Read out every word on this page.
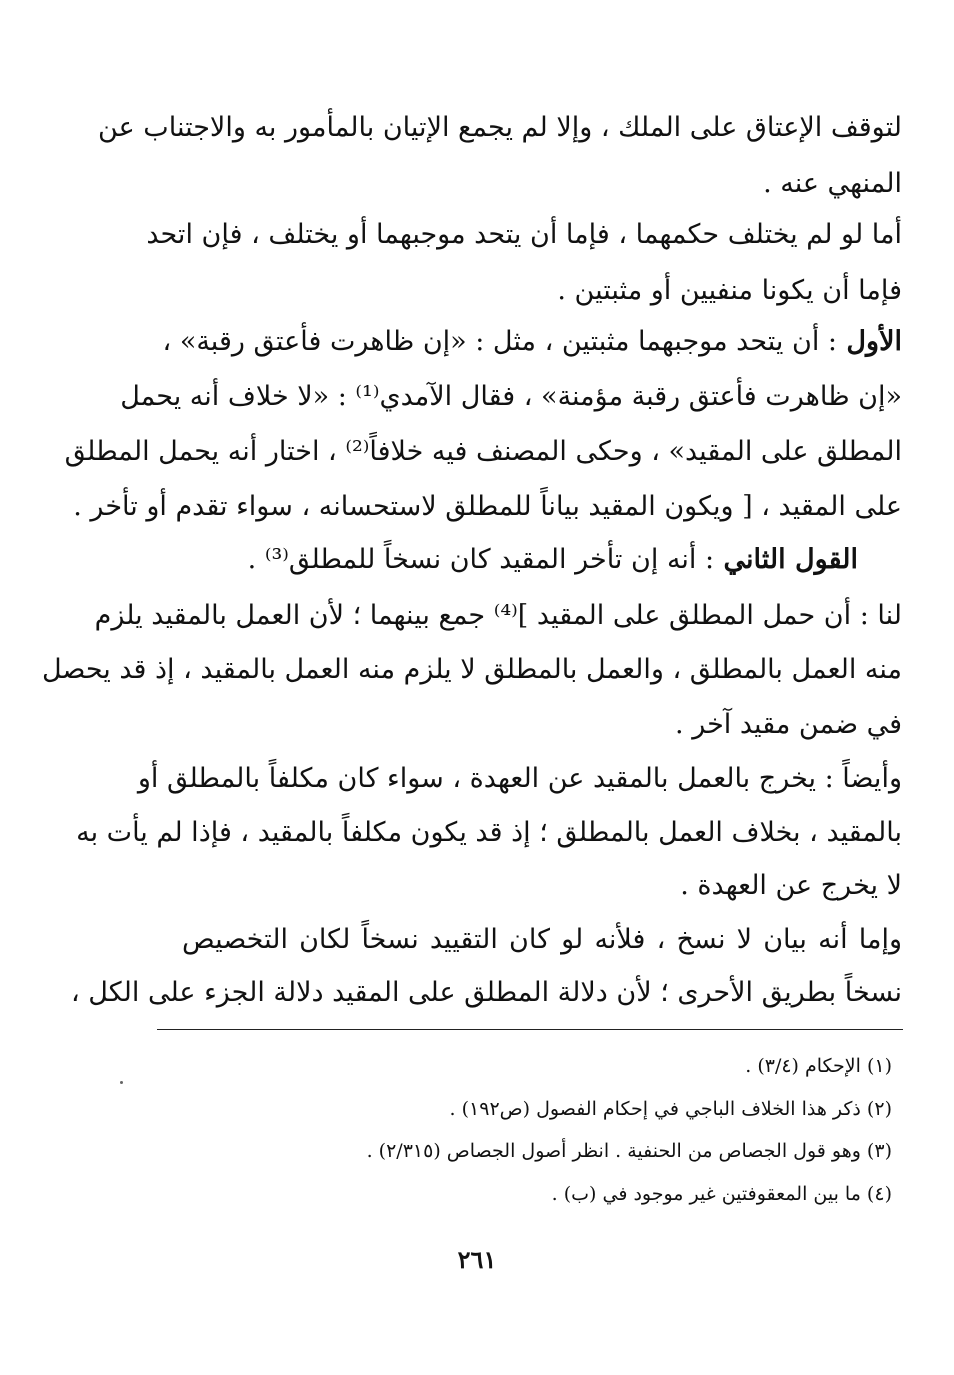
لتوقف الإعتاق على الملك ، وإلا لم يجمع الإتيان بالمأمور به والاجتناب عن
المنهي عنه .
أما لو لم يختلف حكمهما ، فإما أن يتحد موجبهما أو يختلف ، فإن اتحد
فإما أن يكونا منفيين أو مثبتين .
الأول : أن يتحد موجبهما مثبتين ، مثل : «إن ظاهرت فأعتق رقبة» ،
«إن ظاهرت فأعتق رقبة مؤمنة» ، فقال الآمدي⁽¹⁾ : «لا خلاف أنه يحمل
المطلق على المقيد» ، وحكى المصنف فيه خلافاً⁽²⁾ ، اختار أنه يحمل المطلق
على المقيد ، [ ويكون المقيد بياناً للمطلق لاستحسانه ، سواء تقدم أو تأخر .
القول الثاني : أنه إن تأخر المقيد كان نسخاً للمطلق⁽³⁾ .
لنا : أن حمل المطلق على المقيد ]⁽⁴⁾ جمع بينهما ؛ لأن العمل بالمقيد يلزم
منه العمل بالمطلق ، والعمل بالمطلق لا يلزم منه العمل بالمقيد ، إذ قد يحصل
في ضمن مقيد آخر .
وأيضاً : يخرج بالعمل بالمقيد عن العهدة ، سواء كان مكلفاً بالمطلق أو
بالمقيد ، بخلاف العمل بالمطلق ؛ إذ قد يكون مكلفاً بالمقيد ، فإذا لم يأت به
لا يخرج عن العهدة .
وإما أنه بيان لا نسخ ، فلأنه لو كان التقييد نسخاً لكان التخصيص
نسخاً بطريق الأحرى ؛ لأن دلالة المطلق على المقيد دلالة الجزء على الكل ،
(١) الإحكام (٣/٤) .
(٢) ذكر هذا الخلاف الباجي في إحكام الفصول (ص١٩٢) .
(٣) وهو قول الجصاص من الحنفية . انظر أصول الجصاص (٢/٣١٥) .
(٤) ما بين المعقوفتين غير موجود في (ب) .
٢٦١
